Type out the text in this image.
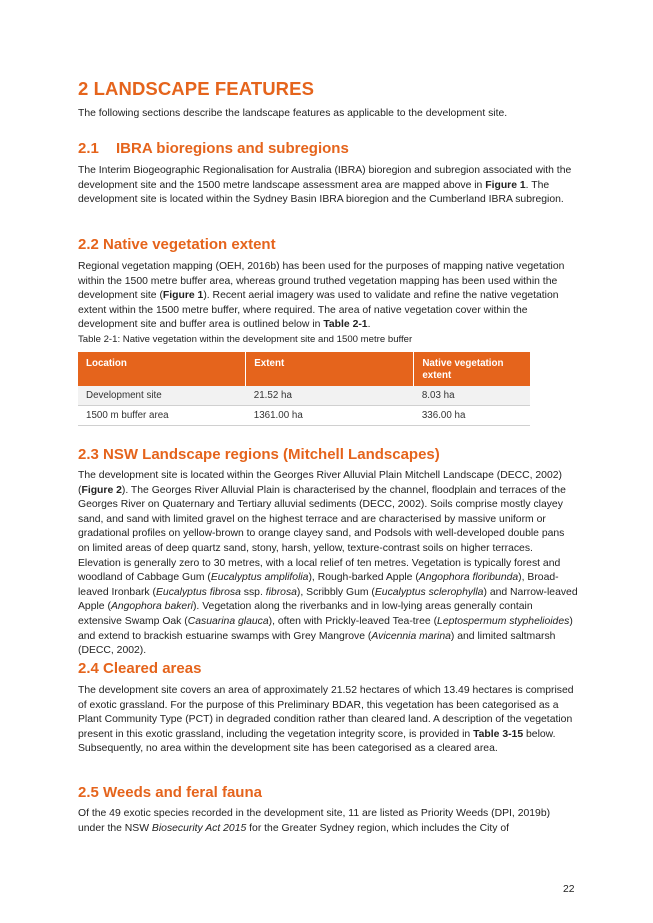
2 LANDSCAPE FEATURES

The following sections describe the landscape features as applicable to the development site.

2.1 IBRA bioregions and subregions

The Interim Biogeographic Regionalisation for Australia (IBRA) bioregion and subregion associated with the development site and the 1500 metre landscape assessment area are mapped above in Figure 1. The development site is located within the Sydney Basin IBRA bioregion and the Cumberland IBRA subregion.

2.2 Native vegetation extent

Regional vegetation mapping (OEH, 2016b) has been used for the purposes of mapping native vegetation within the 1500 metre buffer area, whereas ground truthed vegetation mapping has been used within the development site (Figure 1). Recent aerial imagery was used to validate and refine the native vegetation extent within the 1500 metre buffer, where required. The area of native vegetation cover within the development site and buffer area is outlined below in Table 2-1.

Table 2-1: Native vegetation within the development site and 1500 metre buffer

Location	Extent	Native vegetation extent
Development site	21.52 ha	8.03 ha
1500 m buffer area	1361.00 ha	336.00 ha
2.3 NSW Landscape regions (Mitchell Landscapes)

The development site is located within the Georges River Alluvial Plain Mitchell Landscape (DECC, 2002) (Figure 2). The Georges River Alluvial Plain is characterised by the channel, floodplain and terraces of the Georges River on Quaternary and Tertiary alluvial sediments (DECC, 2002). Soils comprise mostly clayey sand, and sand with limited gravel on the highest terrace and are characterised by massive uniform or gradational profiles on yellow-brown to orange clayey sand, and Podsols with well-developed double pans on limited areas of deep quartz sand, stony, harsh, yellow, texture-contrast soils on higher terraces. Elevation is generally zero to 30 metres, with a local relief of ten metres. Vegetation is typically forest and woodland of Cabbage Gum (Eucalyptus amplifolia), Rough-barked Apple (Angophora floribunda), Broad-leaved Ironbark (Eucalyptus fibrosa ssp. fibrosa), Scribbly Gum (Eucalyptus sclerophylla) and Narrow-leaved Apple (Angophora bakeri). Vegetation along the riverbanks and in low-lying areas generally contain extensive Swamp Oak (Casuarina glauca), often with Prickly-leaved Tea-tree (Leptospermum styphelioides) and extend to brackish estuarine swamps with Grey Mangrove (Avicennia marina) and limited saltmarsh (DECC, 2002).

2.4 Cleared areas

The development site covers an area of approximately 21.52 hectares of which 13.49 hectares is comprised of exotic grassland. For the purpose of this Preliminary BDAR, this vegetation has been categorised as a Plant Community Type (PCT) in degraded condition rather than cleared land. A description of the vegetation present in this exotic grassland, including the vegetation integrity score, is provided in Table 3-15 below. Subsequently, no area within the development site has been categorised as a cleared area.

2.5 Weeds and feral fauna

Of the 49 exotic species recorded in the development site, 11 are listed as Priority Weeds (DPI, 2019b) under the NSW Biosecurity Act 2015 for the Greater Sydney region, which includes the City of

22
